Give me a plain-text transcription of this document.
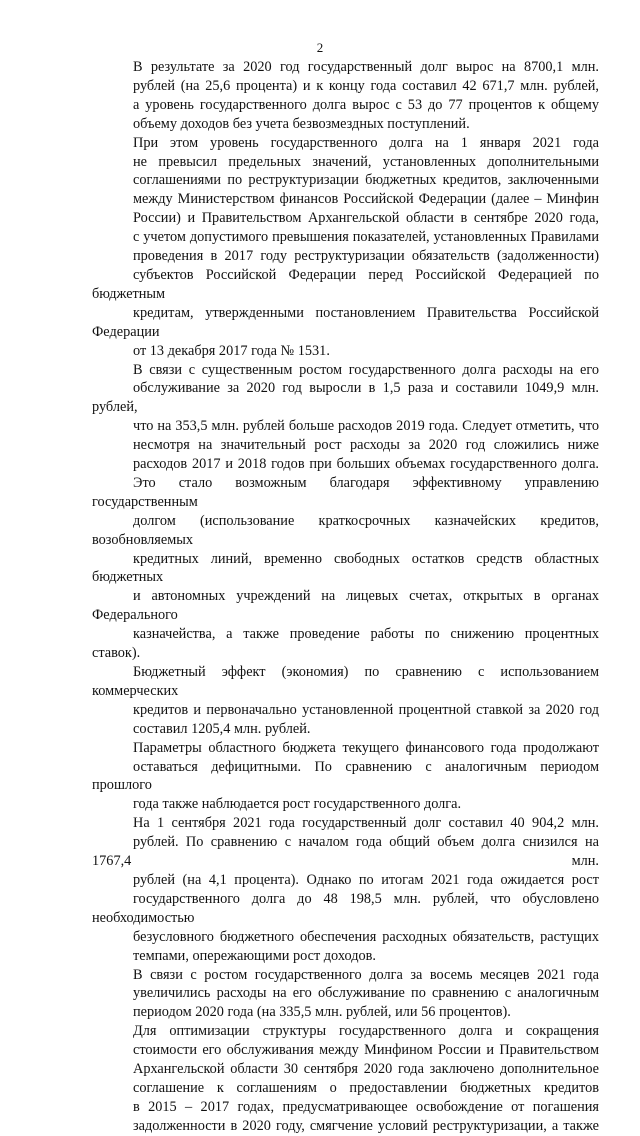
2
В результате за 2020 год государственный долг вырос на 8700,1 млн.
рублей (на 25,6 процента) и к концу года составил 42 671,7 млн. рублей,
а уровень государственного долга вырос с 53 до 77 процентов к общему
объему доходов без учета безвозмездных поступлений.
При этом уровень государственного долга на 1 января 2021 года
не превысил предельных значений, установленных дополнительными
соглашениями по реструктуризации бюджетных кредитов, заключенными
между Министерством финансов Российской Федерации (далее – Минфин
России) и Правительством Архангельской области в сентябре 2020 года,
с учетом допустимого превышения показателей, установленных Правилами
проведения в 2017 году реструктуризации обязательств (задолженности)
субъектов Российской Федерации перед Российской Федерацией по бюджетным
кредитам, утвержденными постановлением Правительства Российской Федерации
от 13 декабря 2017 года № 1531.
В связи с существенным ростом государственного долга расходы на его
обслуживание за 2020 год выросли в 1,5 раза и составили 1049,9 млн. рублей,
что на 353,5 млн. рублей больше расходов 2019 года. Следует отметить, что
несмотря на значительный рост расходы за 2020 год сложились ниже
расходов 2017 и 2018 годов при больших объемах государственного долга.
Это стало возможным благодаря эффективному управлению государственным
долгом (использование краткосрочных казначейских кредитов, возобновляемых
кредитных линий, временно свободных остатков средств областных бюджетных
и автономных учреждений на лицевых счетах, открытых в органах Федерального
казначейства, а также проведение работы по снижению процентных ставок).
Бюджетный эффект (экономия) по сравнению с использованием коммерческих
кредитов и первоначально установленной процентной ставкой за 2020 год
составил 1205,4 млн. рублей.
Параметры областного бюджета текущего финансового года продолжают
оставаться дефицитными. По сравнению с аналогичным периодом прошлого
года также наблюдается рост государственного долга.
На 1 сентября 2021 года государственный долг составил 40 904,2 млн.
рублей. По сравнению с началом года общий объем долга снизился на 1767,4 млн.
рублей (на 4,1 процента). Однако по итогам 2021 года ожидается рост
государственного долга до 48 198,5 млн. рублей, что обусловлено необходимостью
безусловного бюджетного обеспечения расходных обязательств, растущих
темпами, опережающими рост доходов.
В связи с ростом государственного долга за восемь месяцев 2021 года
увеличились расходы на его обслуживание по сравнению с аналогичным
периодом 2020 года (на 335,5 млн. рублей, или 56 процентов).
Для оптимизации структуры государственного долга и сокращения
стоимости его обслуживания между Минфином России и Правительством
Архангельской области 30 сентября 2020 года заключено дополнительное
соглашение к соглашениям о предоставлении бюджетных кредитов
в 2015 – 2017 годах, предусматривающее освобождение от погашения
задолженности в 2020 году, смягчение условий реструктуризации, а также
